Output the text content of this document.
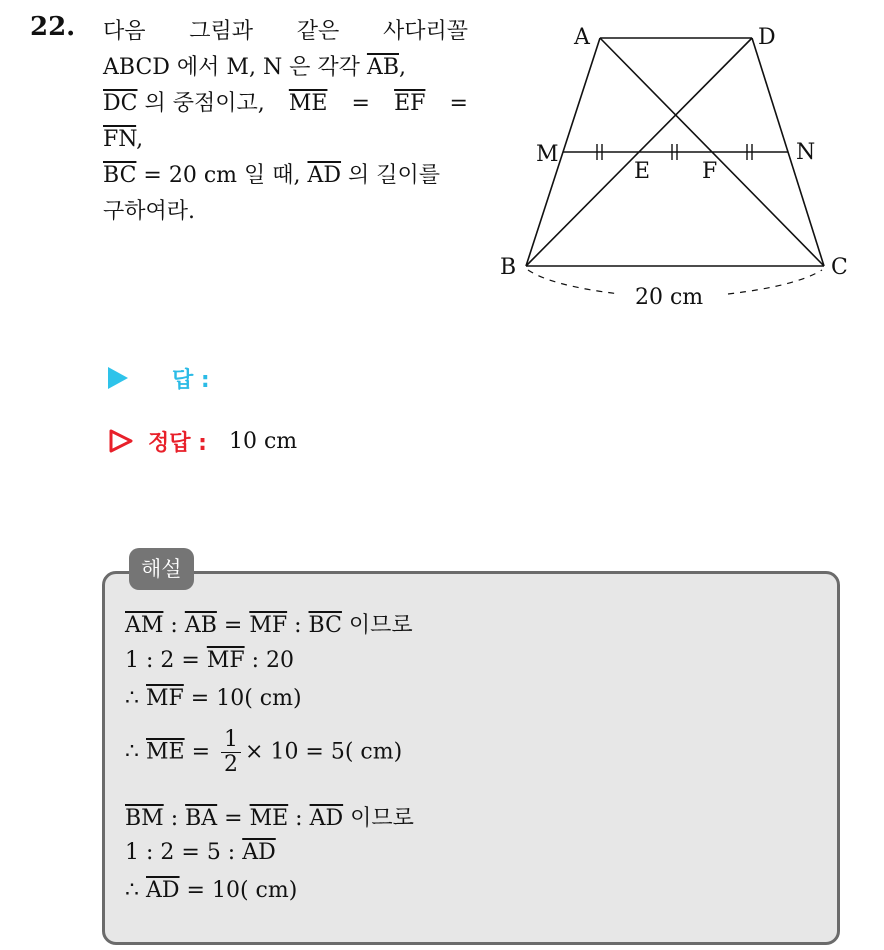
22. 다음 그림과 같은 사다리꼴
ABCD 에서 M, N 은 각각 $\overline{AB}$,
$\overline{DC}$ 의 중점이고, $\overline{ME} = \overline{EF}$ =
$\overline{FN}$,
$\overline{BC} = 20$ cm 일 때, $\overline{AD}$ 의 길이를
구하여라.
A	D
M	N
E F
B	C
20 cm
답 :
정답 : 10 cm
해설
$\overline{AM}$ : $\overline{AB} = \overline{MF}$ : $\overline{BC}$ 이므로
1 : $2 = \overline{MF}$ : 20
∴ $\overline{MF} = 10$( cm)
∴ $\overline{ME} = \frac{1}{2} \times 10 = 5$( cm)
$\overline{BM}$ : $\overline{BA} = \overline{ME}$ : $\overline{AD}$ 이므로
1 : 2 = 5 : $\overline{AD}$
∴ $\overline{AD} = 10$( cm)
